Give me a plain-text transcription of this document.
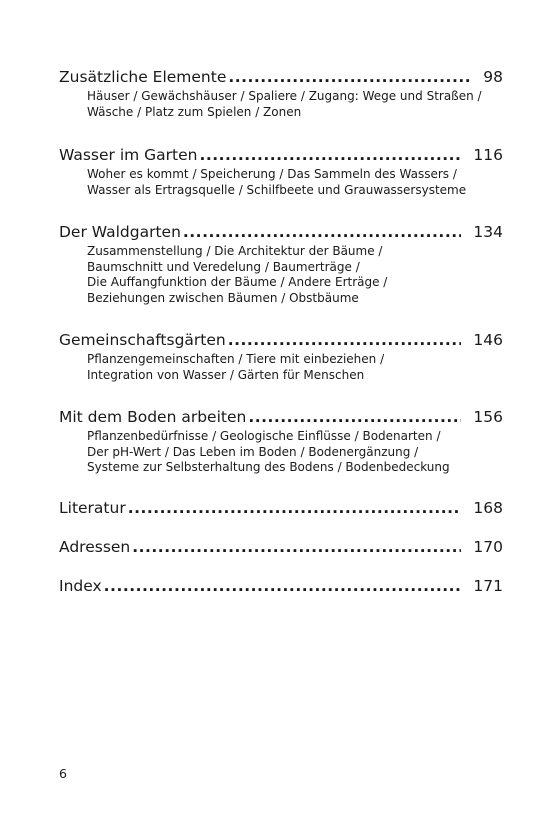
Zusätzliche Elemente .....	98
Häuser / Gewächshäuser / Spaliere / Zugang: Wege und Straßen /
Wäsche / Platz zum Spielen / Zonen
Wasser im Garten .....	116
Woher es kommt / Speicherung / Das Sammeln des Wassers /
Wasser als Ertragsquelle / Schilfbeete und Grauwassersysteme
Der Waldgarten .....	134
Zusammenstellung / Die Architektur der Bäume /
Baumschnitt und Veredelung / Baumerträge /
Die Auffangfunktion der Bäume / Andere Erträge /
Beziehungen zwischen Bäumen / Obstbäume
Gemeinschaftsgärten .....	146
Pflanzengemeinschaften / Tiere mit einbeziehen /
Integration von Wasser / Gärten für Menschen
Mit dem Boden arbeiten .....	156
Pflanzenbedürfnisse / Geologische Einflüsse / Bodenarten /
Der pH-Wert / Das Leben im Boden / Bodenergänzung /
Systeme zur Selbsterhaltung des Bodens / Bodenbedeckung
Literatur .....	168
Adressen .....	170
Index .....	171
6
